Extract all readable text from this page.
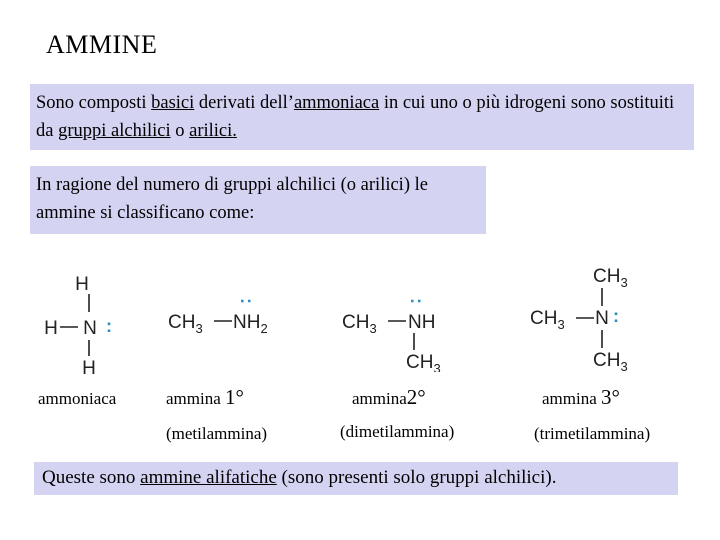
AMMINE

Sono composti basici derivati dell’ammoniaca in cui uno o più idrogeni sono sostituiti da gruppi alchilici o arilici.

In ragione del numero di gruppi alchilici (o arilici) le ammine si classificano come:

H
H N :
H
:
$CH_3$ $NH_2$
:
$CH_3$ NH
$CH_3$
$CH_3$
$CH_3$ N :
$CH_3$
ammoniaca	ammina 1°
(metilammina)
ammina2°
(dimetilammina)
ammina 3°
(trimetilammina)

Queste sono ammine alifatiche (sono presenti solo gruppi alchilici).
